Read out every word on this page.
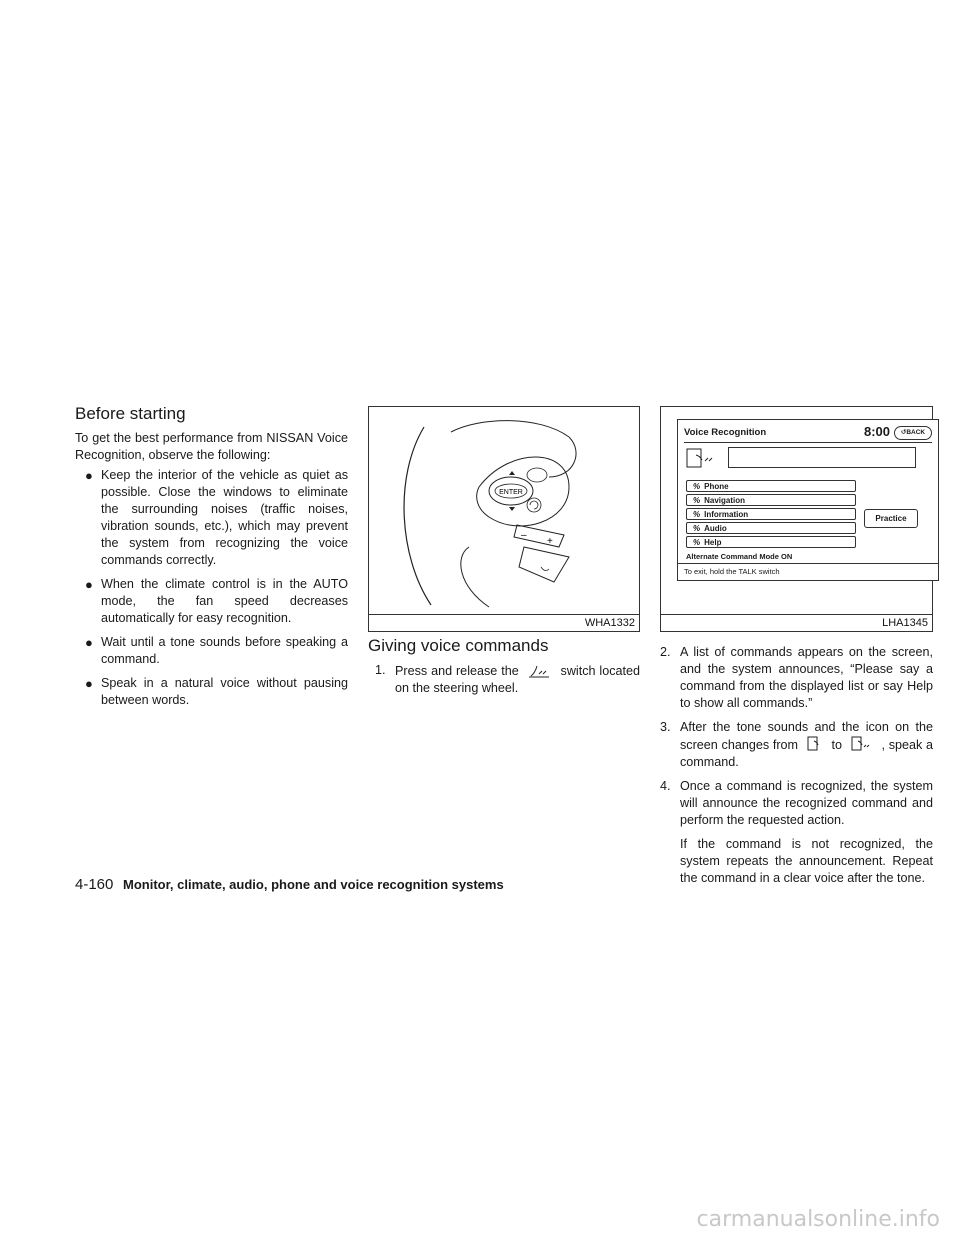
Before starting

To get the best performance from NISSAN Voice Recognition, observe the following:

● Keep the interior of the vehicle as quiet as possible. Close the windows to eliminate the surrounding noises (traffic noises, vibration sounds, etc.), which may prevent the system from recognizing the voice commands correctly.
● When the climate control is in the AUTO mode, the fan speed decreases automatically for easy recognition.
● Wait until a tone sounds before speaking a command.
● Speak in a natural voice without pausing between words.
ENTER
–
+
WHA1332
Voice Recognition	8:00	↺BACK
% Phone
% Navigation
% Information
% Audio
% Help
Practice
Alternate Command Mode ON
To exit, hold the TALK switch
LHA1345
Giving voice commands
1. Press and release the	switch located on the steering wheel.
2. A list of commands appears on the screen, and the system announces, “Please say a command from the displayed list or say Help to show all commands.”
3. After the tone sounds and the icon on the screen changes from	to	, speak a command.
4. Once a command is recognized, the system will announce the recognized command and perform the requested action.
If the command is not recognized, the system repeats the announcement. Repeat the command in a clear voice after the tone.
4-160 Monitor, climate, audio, phone and voice recognition systems
carmanualsonline.info
